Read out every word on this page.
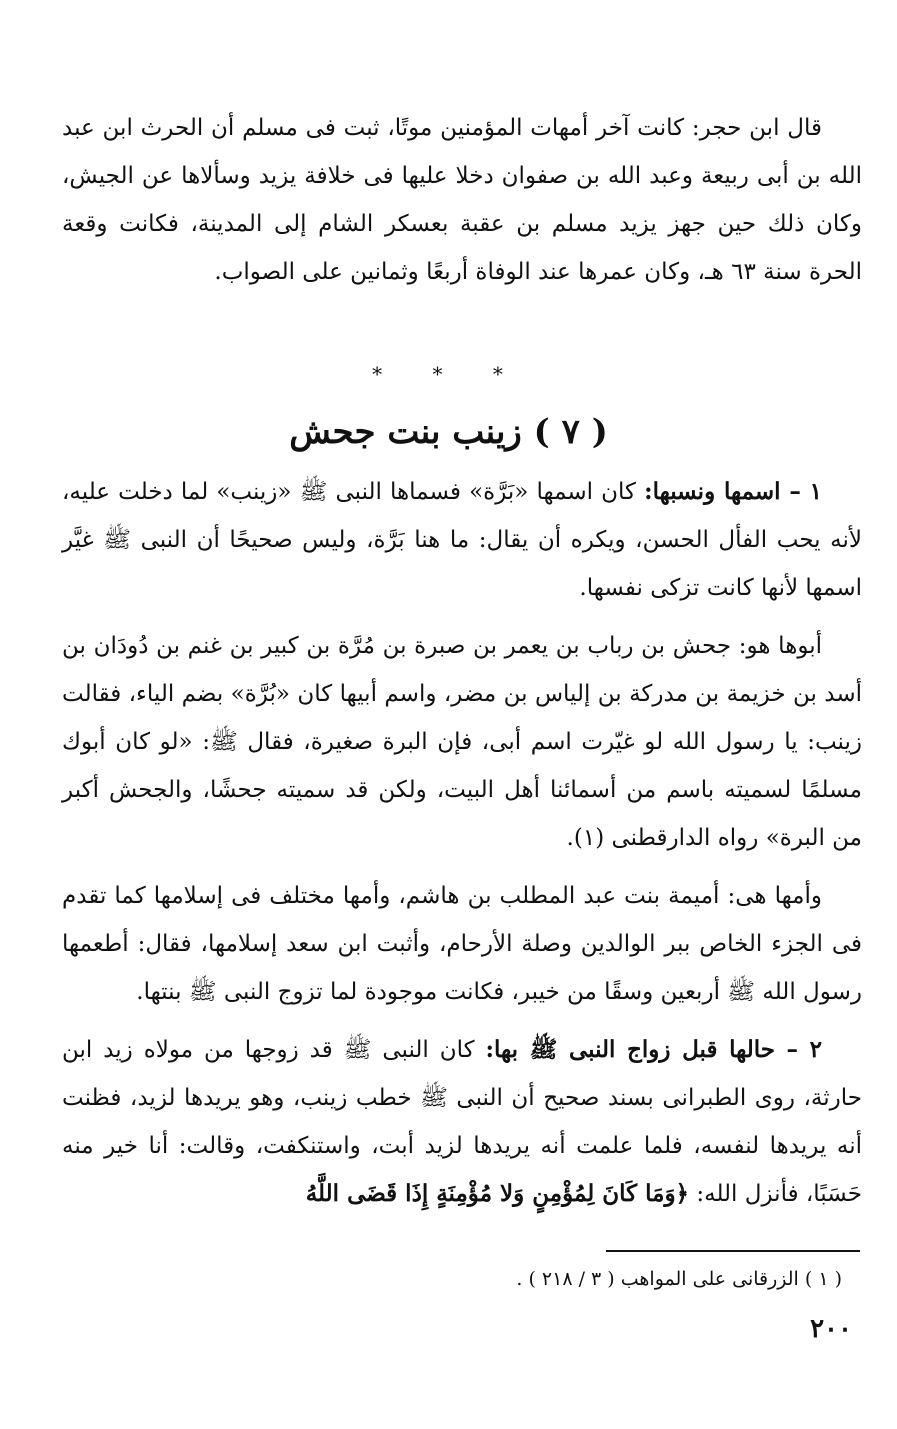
قال ابن حجر: كانت آخر أمهات المؤمنين موتًا، ثبت فى مسلم أن الحرث ابن عبد الله بن أبى ربيعة وعبد الله بن صفوان دخلا عليها فى خلافة يزيد وسألاها عن الجيش، وكان ذلك حين جهز يزيد مسلم بن عقبة بعسكر الشام إلى المدينة، فكانت وقعة الحرة سنة ٦٣ هـ، وكان عمرها عند الوفاة أربعًا وثمانين على الصواب.

* * *
( ٧ ) زينب بنت جحش

١ – اسمها ونسبها: كان اسمها «بَرَّة» فسماها النبى ﷺ «زينب» لما دخلت عليه، لأنه يحب الفأل الحسن، ويكره أن يقال: ما هنا بَرَّة، وليس صحيحًا أن النبى ﷺ غيَّر اسمها لأنها كانت تزكى نفسها.

أبوها هو: جحش بن رباب بن يعمر بن صبرة بن مُرَّة بن كبير بن غنم بن دُودَان بن أسد بن خزيمة بن مدركة بن إلياس بن مضر، واسم أبيها كان «بُرَّة» بضم الياء، فقالت زينب: يا رسول الله لو غيّرت اسم أبى، فإن البرة صغيرة، فقال ﷺ: «لو كان أبوك مسلمًا لسميته باسم من أسمائنا أهل البيت، ولكن قد سميته جحشًا، والجحش أكبر من البرة» رواه الدارقطنى (١).

وأمها هى: أميمة بنت عبد المطلب بن هاشم، وأمها مختلف فى إسلامها كما تقدم فى الجزء الخاص ببر الوالدين وصلة الأرحام، وأثبت ابن سعد إسلامها، فقال: أطعمها رسول الله ﷺ أربعين وسقًا من خيبر، فكانت موجودة لما تزوج النبى ﷺ بنتها.

٢ – حالها قبل زواج النبى ﷺ بها: كان النبى ﷺ قد زوجها من مولاه زيد ابن حارثة، روى الطبرانى بسند صحيح أن النبى ﷺ خطب زينب، وهو يريدها لزيد، فظنت أنه يريدها لنفسه، فلما علمت أنه يريدها لزيد أبت، واستنكفت، وقالت: أنا خير منه حَسَبًا، فأنزل الله: ﴿وَمَا كَانَ لِمُؤْمِنٍ وَلا مُؤْمِنَةٍ إِذَا قَضَى اللَّهُ

( ١ ) الزرقانى على المواهب ( ٣ / ٢١٨ ) .
٢٠٠
